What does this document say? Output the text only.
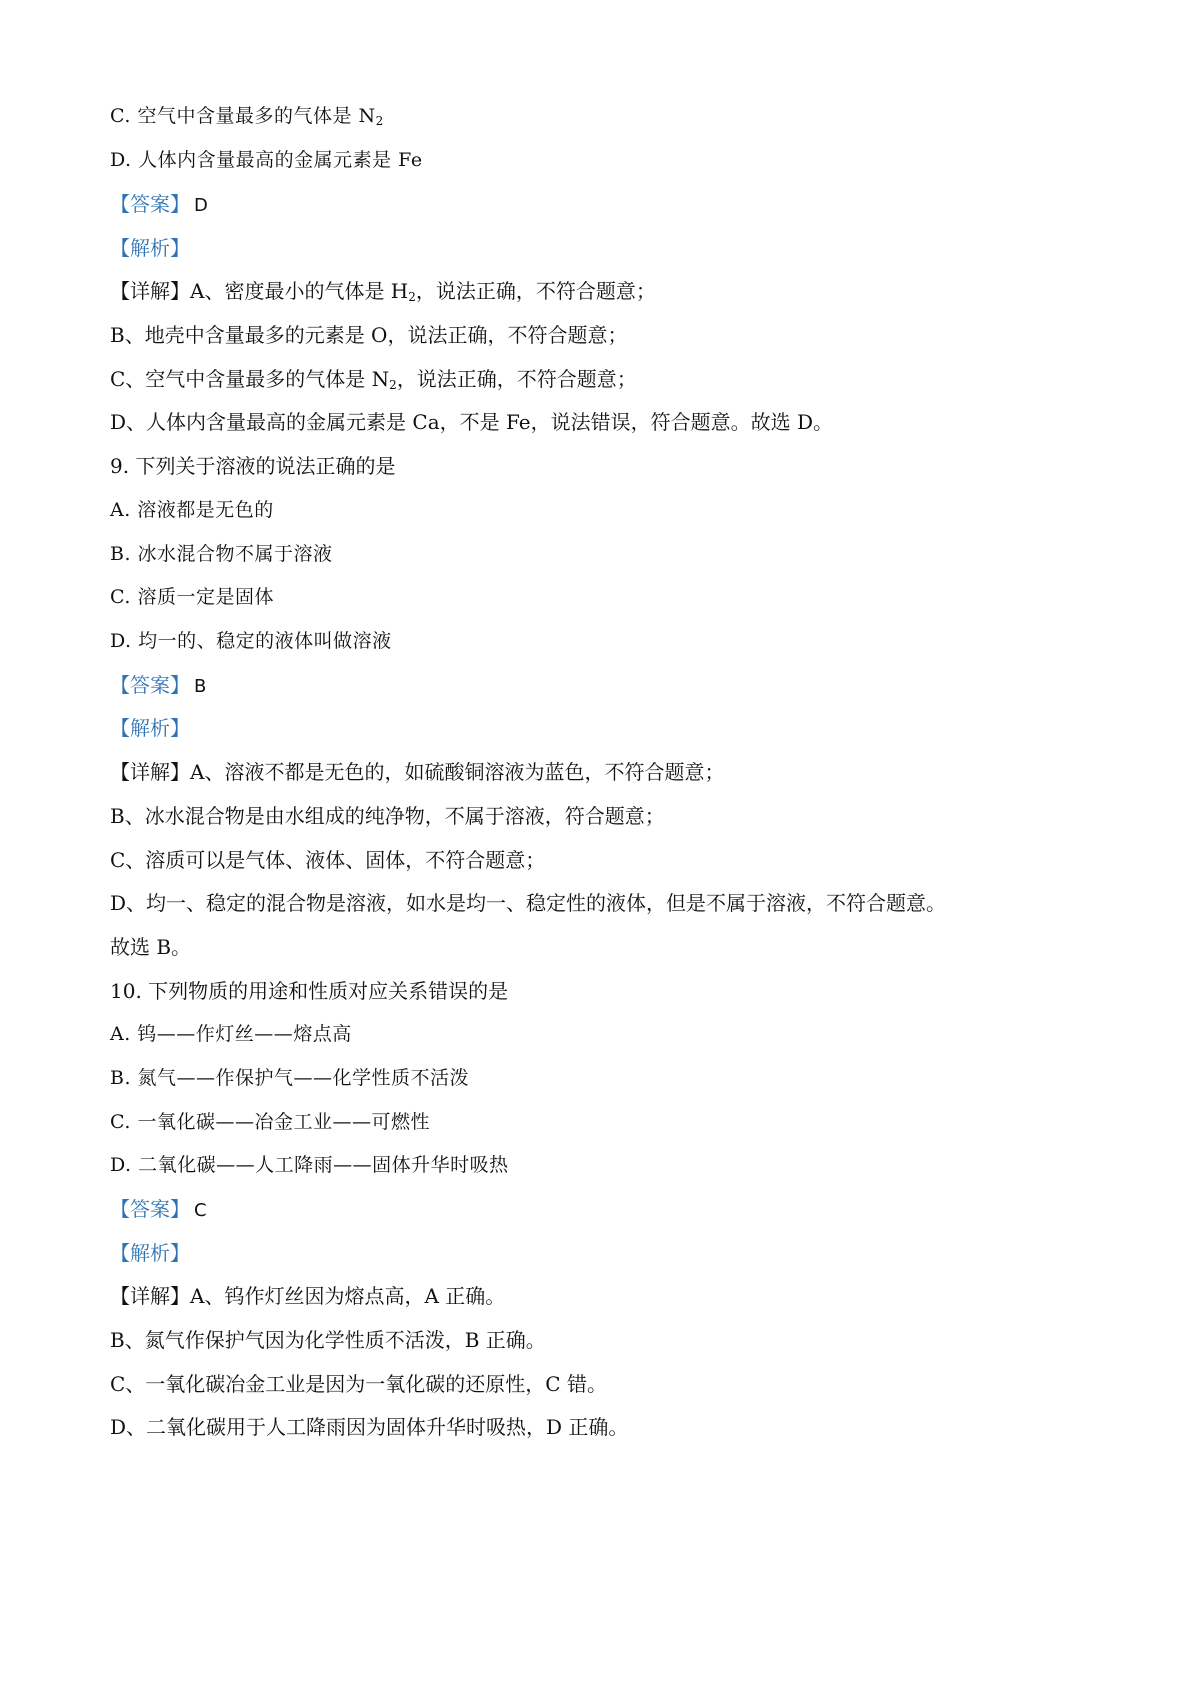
C. 空气中含量最多的气体是 $N_2$
D. 人体内含量最高的金属元素是 Fe
【答案】 D
【解析】
【详解】A、密度最小的气体是 $H_2$，说法正确，不符合题意；
B、地壳中含量最多的元素是 O，说法正确，不符合题意；
C、空气中含量最多的气体是 $N_2$，说法正确，不符合题意；
D、人体内含量最高的金属元素是 Ca，不是 Fe，说法错误，符合题意。故选 D。
9. 下列关于溶液的说法正确的是
A. 溶液都是无色的
B. 冰水混合物不属于溶液
C. 溶质一定是固体
D. 均一的、稳定的液体叫做溶液
【答案】 B
【解析】
【详解】A、溶液不都是无色的，如硫酸铜溶液为蓝色，不符合题意；
B、冰水混合物是由水组成的纯净物，不属于溶液，符合题意；
C、溶质可以是气体、液体、固体，不符合题意；
D、均一、稳定的混合物是溶液，如水是均一、稳定性的液体，但是不属于溶液，不符合题意。
故选 B。
10. 下列物质的用途和性质对应关系错误的是
A. 钨——作灯丝——熔点高
B. 氮气——作保护气——化学性质不活泼
C. 一氧化碳——冶金工业——可燃性
D. 二氧化碳——人工降雨——固体升华时吸热
【答案】 C
【解析】
【详解】A、钨作灯丝因为熔点高，A 正确。
B、氮气作保护气因为化学性质不活泼，B 正确。
C、一氧化碳冶金工业是因为一氧化碳的还原性，C 错。
D、二氧化碳用于人工降雨因为固体升华时吸热，D 正确。
